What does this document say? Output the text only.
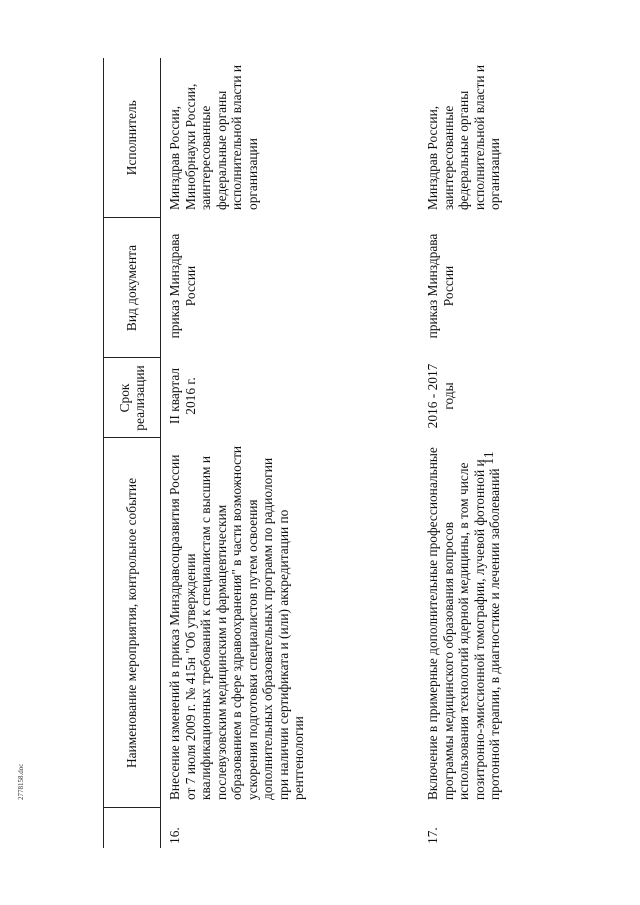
11
	Наименование мероприятия, контрольное событие	Срок реализации	Вид документа	Исполнитель
16.	Внесение изменений в приказ Минздравсоцразвития России от 7 июля 2009 г. № 415н "Об утверждении квалификационных требований к специалистам с высшим и послевузовским медицинским и фармацевтическим образованием в сфере здравоохранения" в части возможности ускорения подготовки специалистов путем освоения дополнительных образовательных программ по радиологии при наличии сертификата и (или) аккредитации по рентгенологии	II квартал 2016 г.	приказ Минздрава России	Минздрав России, Минобрнауки России, заинтересованные федеральные органы исполнительной власти и организации
17.	Включение в примерные дополнительные профессиональные программы медицинского образования вопросов использования технологий ядерной медицины, в том числе позитронно-эмиссионной томографии, лучевой фотонной и протонной терапии, в диагностике и лечении заболеваний	2016 - 2017 годы	приказ Минздрава России	Минздрав России, заинтересованные федеральные органы исполнительной власти и организации
2778158.doc
